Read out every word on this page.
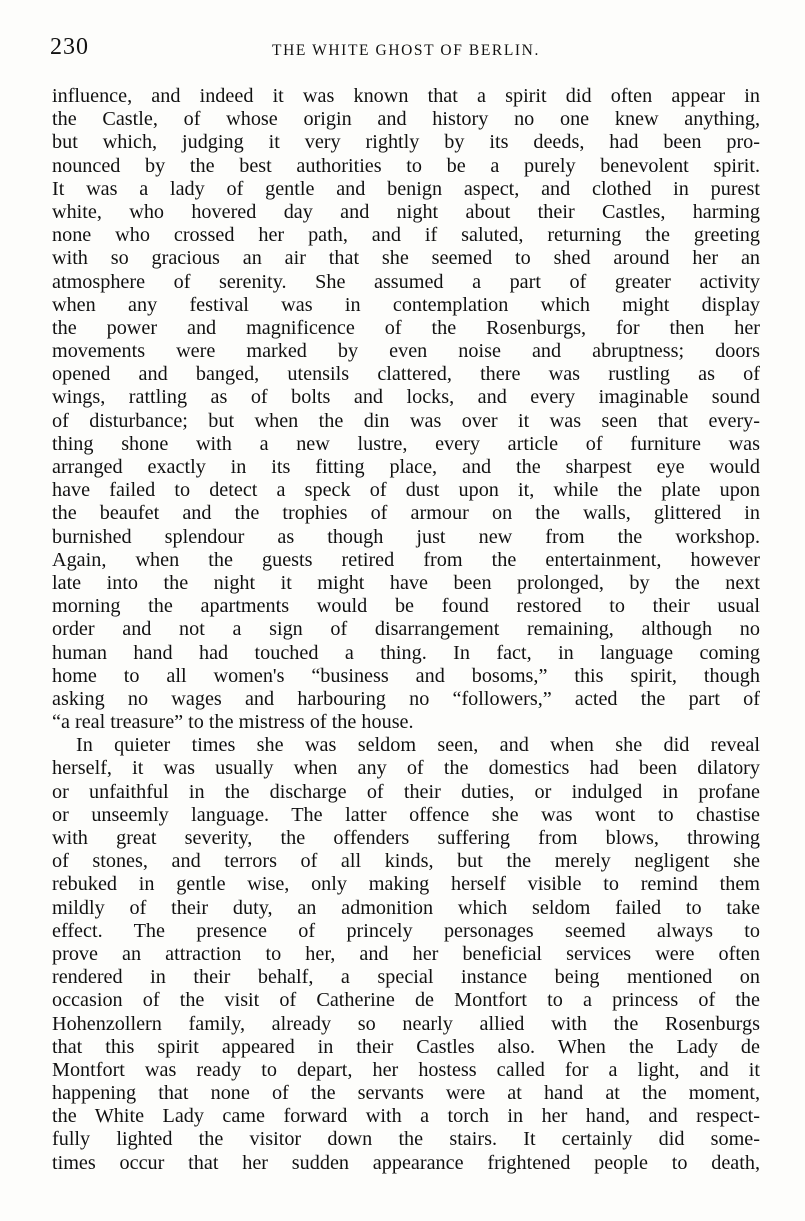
230	THE WHITE GHOST OF BERLIN.
influence, and indeed it was known that a spirit did often appear in
the Castle, of whose origin and history no one knew anything,
but which, judging it very rightly by its deeds, had been pro-
nounced by the best authorities to be a purely benevolent spirit.
It was a lady of gentle and benign aspect, and clothed in purest
white, who hovered day and night about their Castles, harming
none who crossed her path, and if saluted, returning the greeting
with so gracious an air that she seemed to shed around her an
atmosphere of serenity. She assumed a part of greater activity
when any festival was in contemplation which might display
the power and magnificence of the Rosenburgs, for then her
movements were marked by even noise and abruptness; doors
opened and banged, utensils clattered, there was rustling as of
wings, rattling as of bolts and locks, and every imaginable sound
of disturbance; but when the din was over it was seen that every-
thing shone with a new lustre, every article of furniture was
arranged exactly in its fitting place, and the sharpest eye would
have failed to detect a speck of dust upon it, while the plate upon
the beaufet and the trophies of armour on the walls, glittered in
burnished splendour as though just new from the workshop.
Again, when the guests retired from the entertainment, however
late into the night it might have been prolonged, by the next
morning the apartments would be found restored to their usual
order and not a sign of disarrangement remaining, although no
human hand had touched a thing. In fact, in language coming
home to all women's “business and bosoms,” this spirit, though
asking no wages and harbouring no “followers,” acted the part of
“a real treasure” to the mistress of the house.
In quieter times she was seldom seen, and when she did reveal
herself, it was usually when any of the domestics had been dilatory
or unfaithful in the discharge of their duties, or indulged in profane
or unseemly language. The latter offence she was wont to chastise
with great severity, the offenders suffering from blows, throwing
of stones, and terrors of all kinds, but the merely negligent she
rebuked in gentle wise, only making herself visible to remind them
mildly of their duty, an admonition which seldom failed to take
effect. The presence of princely personages seemed always to
prove an attraction to her, and her beneficial services were often
rendered in their behalf, a special instance being mentioned on
occasion of the visit of Catherine de Montfort to a princess of the
Hohenzollern family, already so nearly allied with the Rosenburgs
that this spirit appeared in their Castles also. When the Lady de
Montfort was ready to depart, her hostess called for a light, and it
happening that none of the servants were at hand at the moment,
the White Lady came forward with a torch in her hand, and respect-
fully lighted the visitor down the stairs. It certainly did some-
times occur that her sudden appearance frightened people to death,
